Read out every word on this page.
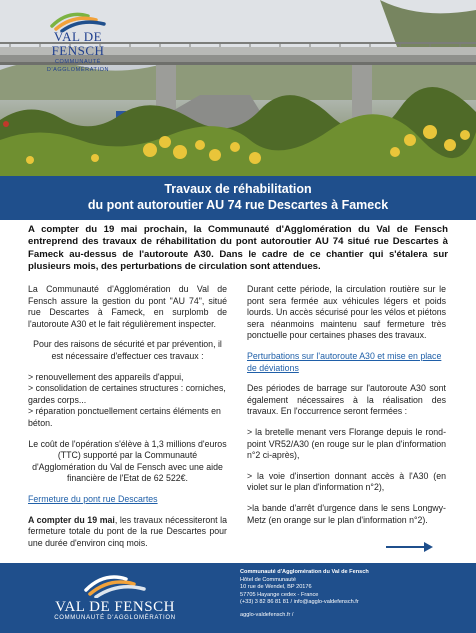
VAL DE FENSCH
COMMUNAUTÉ D'AGGLOMÉRATION
Travaux de réhabilitation
du pont autoroutier AU 74 rue Descartes à Fameck
A compter du 19 mai prochain, la Communauté d'Agglomération du Val de Fensch entreprend des travaux de réhabilitation du pont autoroutier AU 74 situé rue Descartes à Fameck au-dessus de l'autoroute A30. Dans le cadre de ce chantier qui s'étalera sur plusieurs mois, des perturbations de circulation sont attendues.

La Communauté d'Agglomération du Val de Fensch assure la gestion du pont "AU 74", situé rue Descartes à Fameck, en surplomb de l'autoroute A30 et le fait régulièrement inspecter.

Pour des raisons de sécurité et par prévention, il est nécessaire d'effectuer ces travaux :

> renouvellement des appareils d'appui,
> consolidation de certaines structures : corniches, gardes corps...
> réparation ponctuellement certains éléments en béton.

Le coût de l'opération s'élève à 1,3 millions d'euros (TTC) supporté par la Communauté d'Agglomération du Val de Fensch avec une aide financière de l'Etat de 62 522€.

Fermeture du pont rue Descartes

A compter du 19 mai, les travaux nécessiteront la fermeture totale du pont de la rue Descartes pour une durée d'environ cinq mois.

Durant cette période, la circulation routière sur le pont sera fermée aux véhicules légers et poids lourds. Un accès sécurisé pour les vélos et piétons sera néanmoins maintenu sauf fermeture très ponctuelle pour certaines phases des travaux.

Perturbations sur l'autoroute A30 et mise en place de déviations

Des périodes de barrage sur l'autoroute A30 sont également nécessaires à la réalisation des travaux. En l'occurrence seront fermées :

> la bretelle menant vers Florange depuis le rond-point VR52/A30 (en rouge sur le plan d'information n°2 ci-après),

> la voie d'insertion donnant accès à l'A30 (en violet sur le plan d'information n°2),

>la bande d'arrêt d'urgence dans le sens Longwy-Metz (en orange sur le plan d'information n°2).

VAL DE FENSCH
COMMUNAUTÉ D'AGGLOMÉRATION
Communauté d'Agglomération du Val de Fensch
Hôtel de Communauté
10 rue de Wendel, BP 20176
57705 Hayange cedex - France
(+33) 3 82 86 81 81 / info@agglo-valdefensch.fr
agglo-valdefensch.fr /
